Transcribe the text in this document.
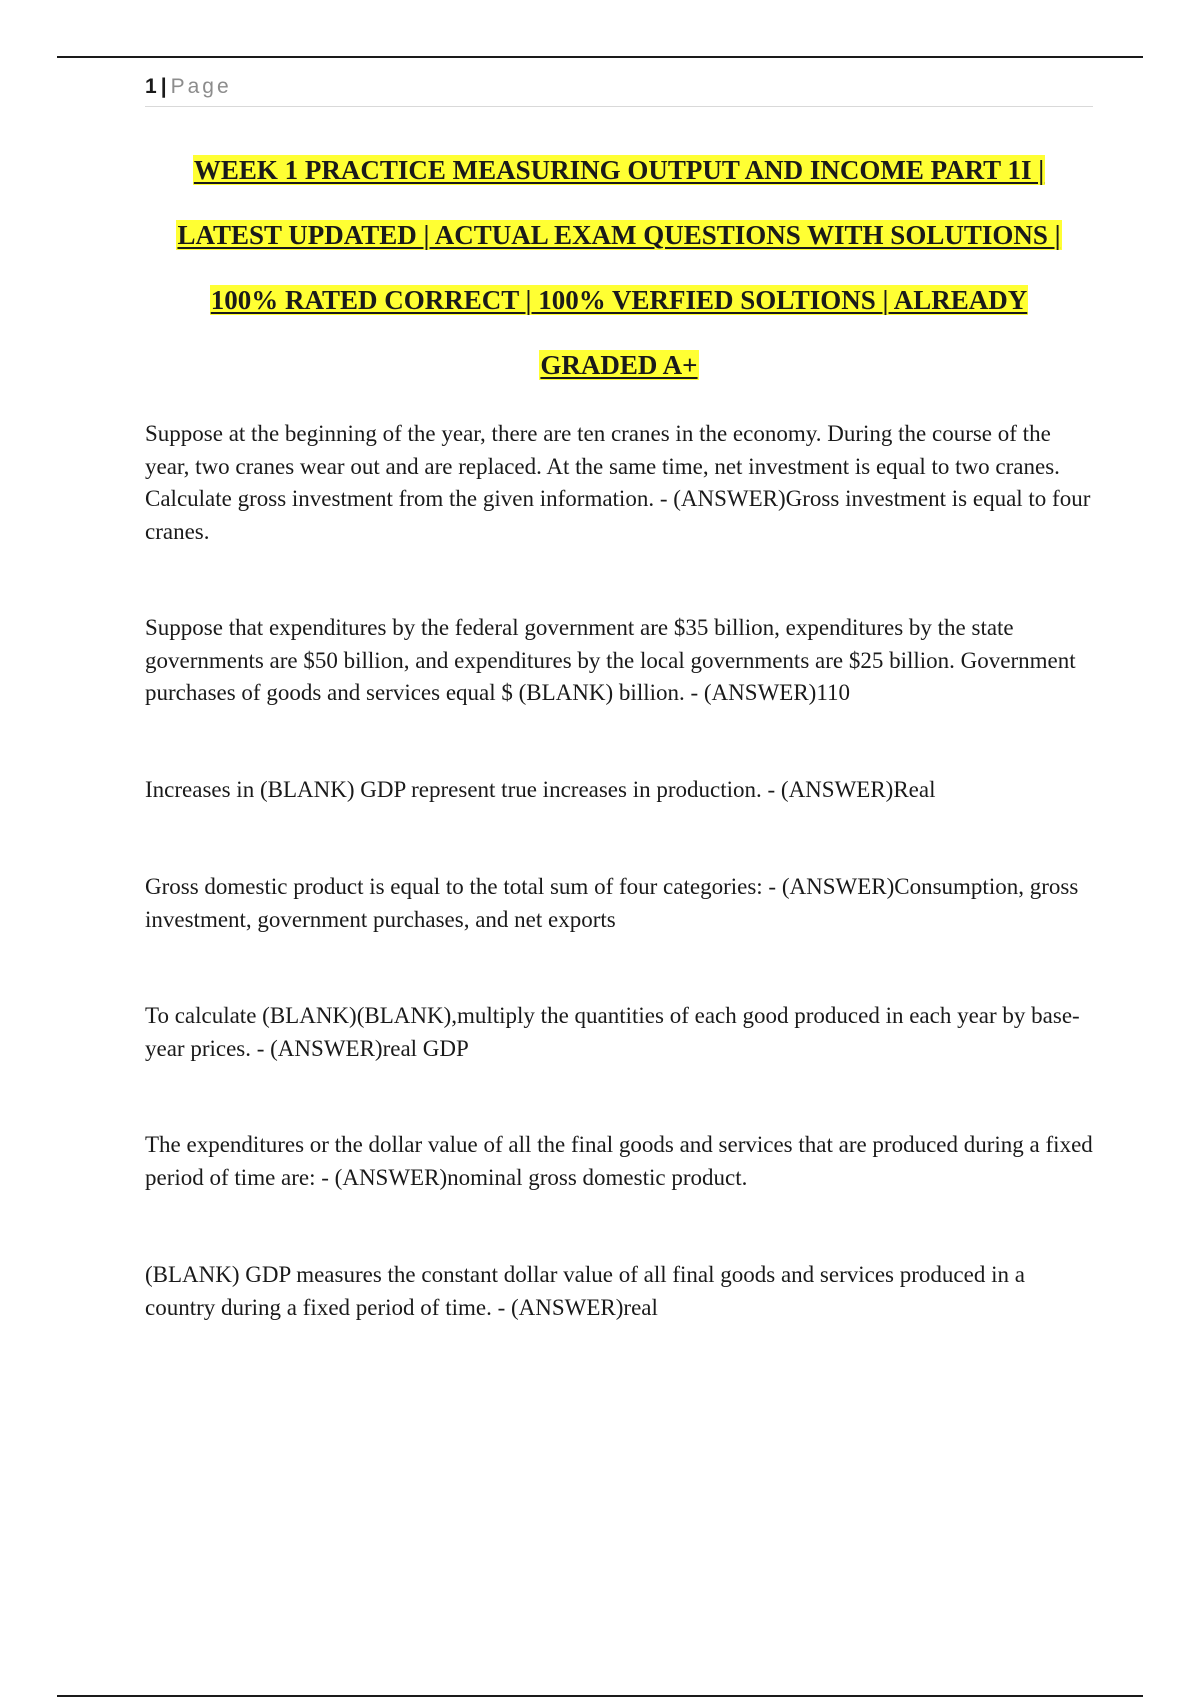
1 | Page
WEEK 1 PRACTICE MEASURING OUTPUT AND INCOME PART 1I |
LATEST UPDATED | ACTUAL EXAM QUESTIONS WITH SOLUTIONS |
100% RATED CORRECT | 100% VERFIED SOLTIONS | ALREADY
GRADED A+

Suppose at the beginning of the year, there are ten cranes in the economy. During the course of the year, two cranes wear out and are replaced. At the same time, net investment is equal to two cranes. Calculate gross investment from the given information. - (ANSWER)Gross investment is equal to four cranes.

Suppose that expenditures by the federal government are $35 billion, expenditures by the state governments are $50 billion, and expenditures by the local governments are $25 billion. Government purchases of goods and services equal $ (BLANK) billion. - (ANSWER)110

Increases in (BLANK) GDP represent true increases in production. - (ANSWER)Real

Gross domestic product is equal to the total sum of four categories: - (ANSWER)Consumption, gross investment, government purchases, and net exports

To calculate (BLANK)(BLANK),multiply the quantities of each good produced in each year by base-year prices. - (ANSWER)real GDP

The expenditures or the dollar value of all the final goods and services that are produced during a fixed period of time are: - (ANSWER)nominal gross domestic product.

(BLANK) GDP measures the constant dollar value of all final goods and services produced in a country during a fixed period of time. - (ANSWER)real
